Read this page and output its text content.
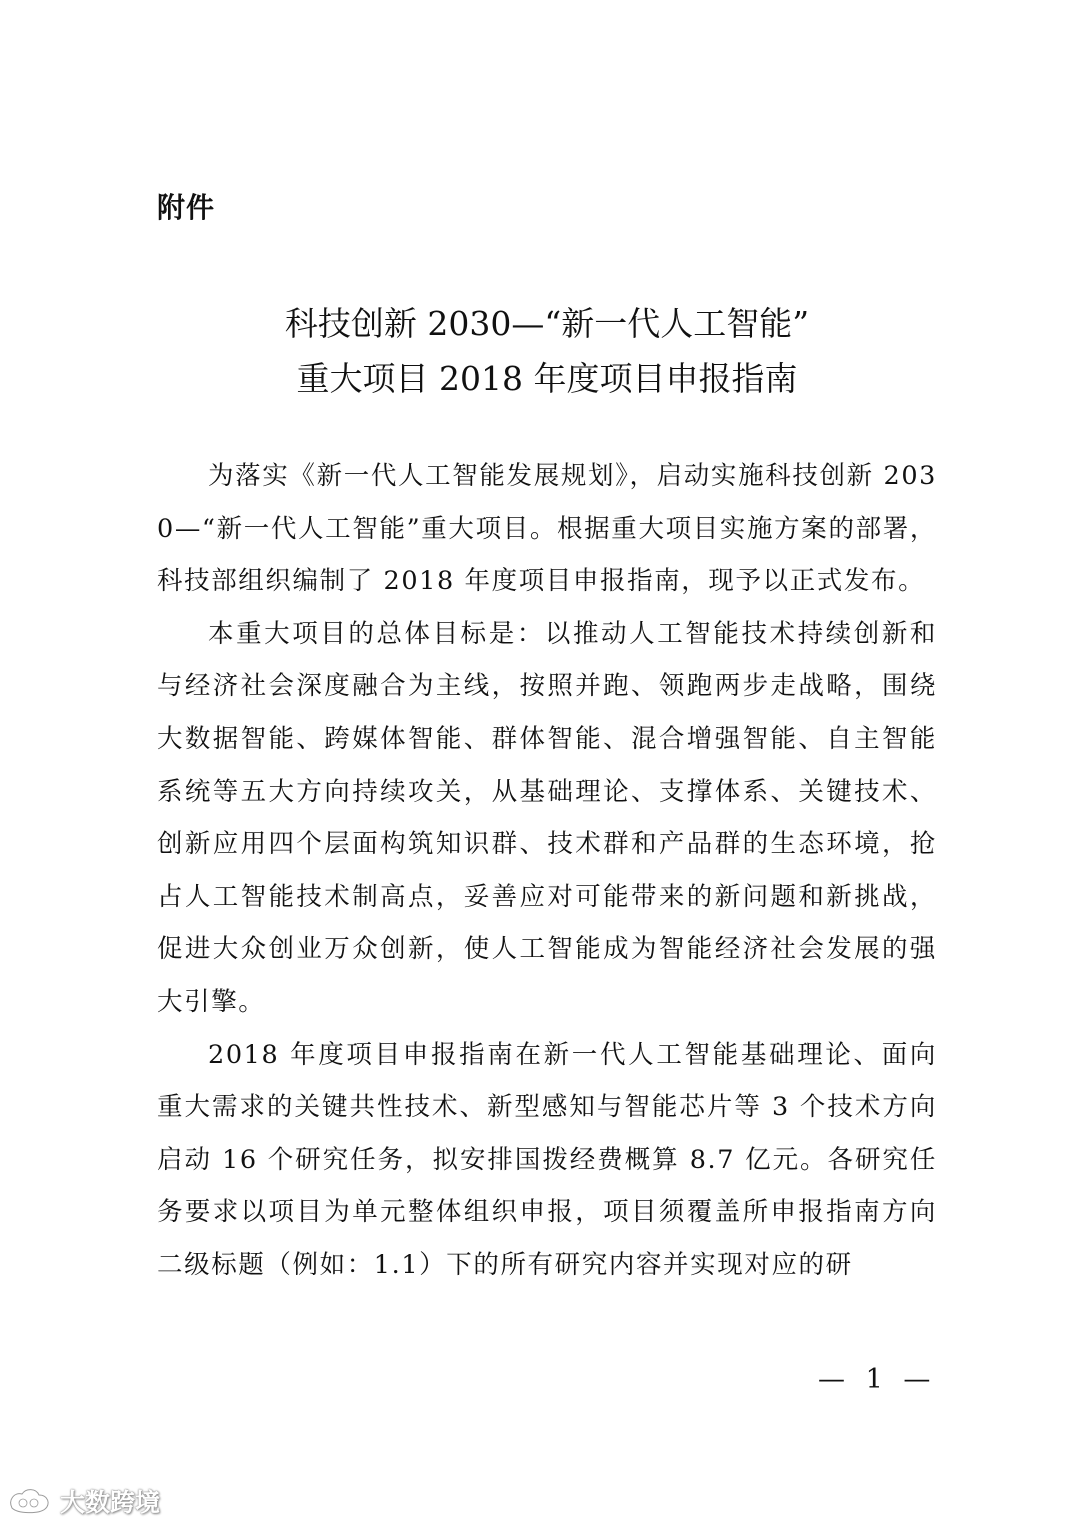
附件
科技创新 2030—“新一代人工智能”
重大项目 2018 年度项目申报指南

为落实《新一代人工智能发展规划》，启动实施科技创新 2030—“新一代人工智能”重大项目。根据重大项目实施方案的部署，科技部组织编制了 2018 年度项目申报指南，现予以正式发布。

本重大项目的总体目标是：以推动人工智能技术持续创新和与经济社会深度融合为主线，按照并跑、领跑两步走战略，围绕大数据智能、跨媒体智能、群体智能、混合增强智能、自主智能系统等五大方向持续攻关，从基础理论、支撑体系、关键技术、创新应用四个层面构筑知识群、技术群和产品群的生态环境，抢占人工智能技术制高点，妥善应对可能带来的新问题和新挑战，促进大众创业万众创新，使人工智能成为智能经济社会发展的强大引擎。

2018 年度项目申报指南在新一代人工智能基础理论、面向重大需求的关键共性技术、新型感知与智能芯片等 3 个技术方向启动 16 个研究任务，拟安排国拨经费概算 8.7 亿元。各研究任务要求以项目为单元整体组织申报，项目须覆盖所申报指南方向二级标题（例如：1.1）下的所有研究内容并实现对应的研

— 1 —
大数跨境
